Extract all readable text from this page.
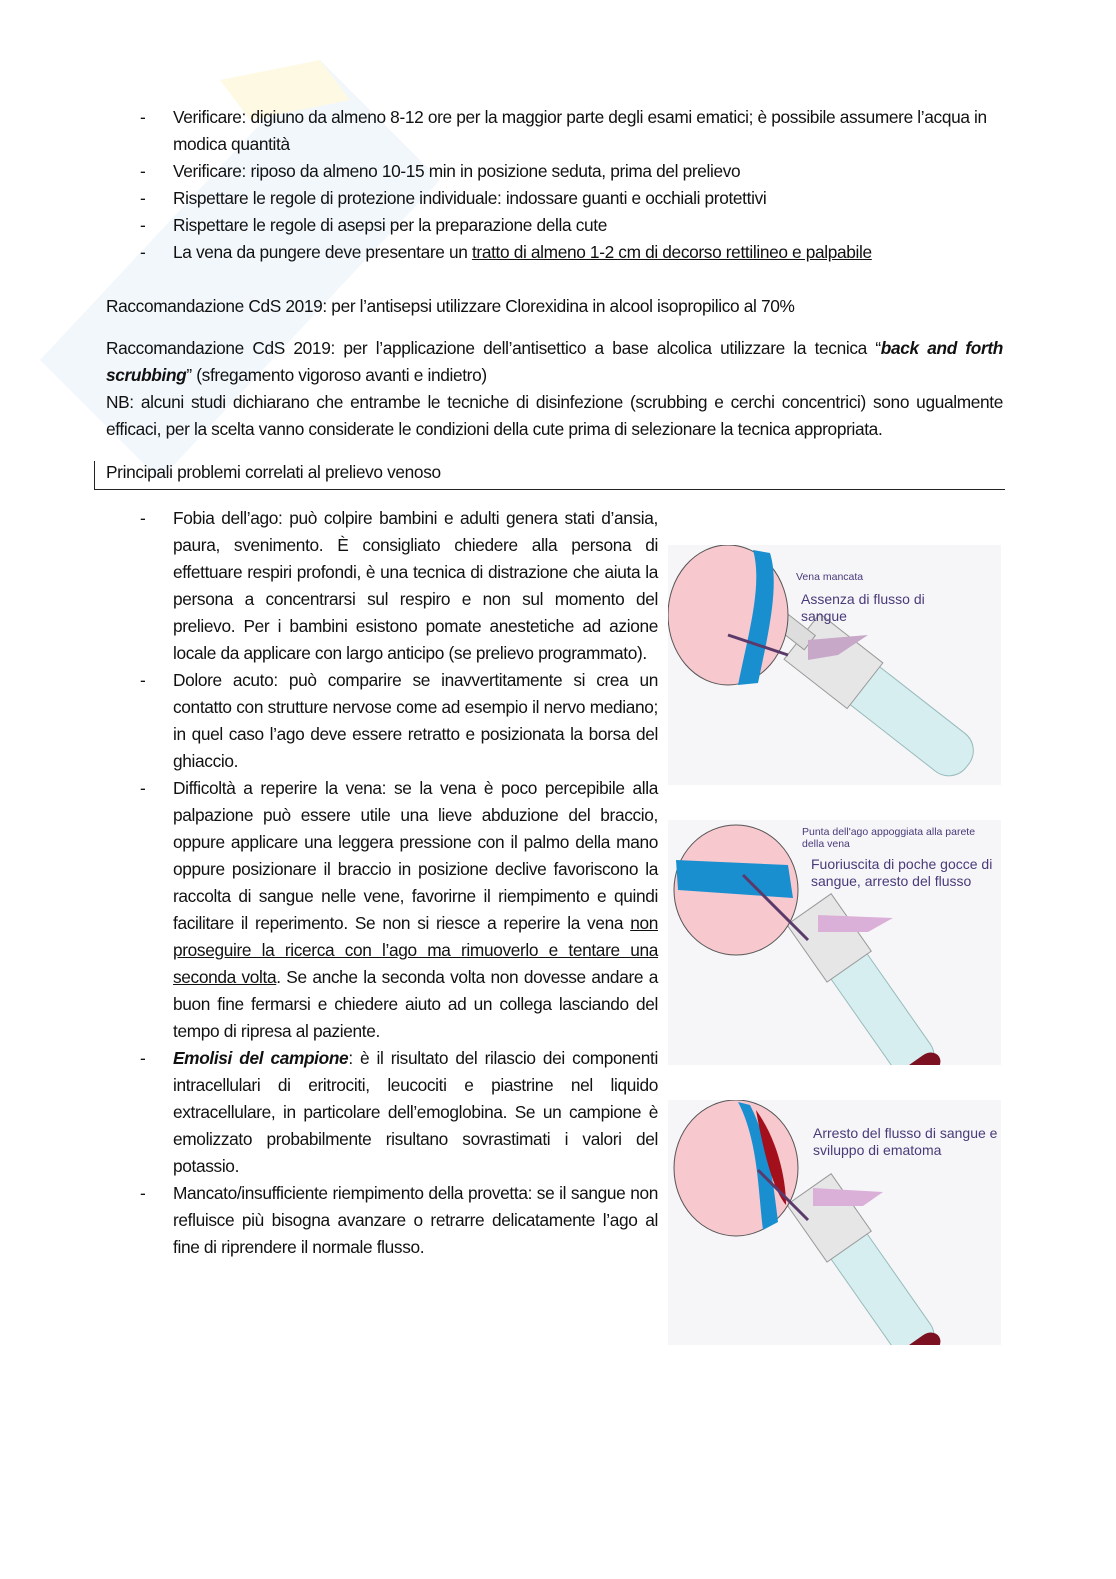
- Verificare: digiuno da almeno 8-12 ore per la maggior parte degli esami ematici; è possibile assumere l’acqua in modica quantità
- Verificare: riposo da almeno 10-15 min in posizione seduta, prima del prelievo
- Rispettare le regole di protezione individuale: indossare guanti e occhiali protettivi
- Rispettare le regole di asepsi per la preparazione della cute
- La vena da pungere deve presentare un tratto di almeno 1-2 cm di decorso rettilineo e palpabile

Raccomandazione CdS 2019: per l’antisepsi utilizzare Clorexidina in alcool isopropilico al 70%

Raccomandazione CdS 2019: per l’applicazione dell’antisettico a base alcolica utilizzare la tecnica “back and forth scrubbing” (sfregamento vigoroso avanti e indietro)

NB: alcuni studi dichiarano che entrambe le tecniche di disinfezione (scrubbing e cerchi concentrici) sono ugualmente efficaci, per la scelta vanno considerate le condizioni della cute prima di selezionare la tecnica appropriata.

Principali problemi correlati al prelievo venoso
- Fobia dell’ago: può colpire bambini e adulti genera stati d’ansia, paura, svenimento. È consigliato chiedere alla persona di effettuare respiri profondi, è una tecnica di distrazione che aiuta la persona a concentrarsi sul respiro e non sul momento del prelievo. Per i bambini esistono pomate anestetiche ad azione locale da applicare con largo anticipo (se prelievo programmato).
- Dolore acuto: può comparire se inavvertitamente si crea un contatto con strutture nervose come ad esempio il nervo mediano; in quel caso l’ago deve essere retratto e posizionata la borsa del ghiaccio.
- Difficoltà a reperire la vena: se la vena è poco percepibile alla palpazione può essere utile una lieve abduzione del braccio, oppure applicare una leggera pressione con il palmo della mano oppure posizionare il braccio in posizione declive favoriscono la raccolta di sangue nelle vene, favorirne il riempimento e quindi facilitare il reperimento. Se non si riesce a reperire la vena non proseguire la ricerca con l’ago ma rimuoverlo e tentare una seconda volta. Se anche la seconda volta non dovesse andare a buon fine fermarsi e chiedere aiuto ad un collega lasciando del tempo di ripresa al paziente.
- Emolisi del campione: è il risultato del rilascio dei componenti intracellulari di eritrociti, leucociti e piastrine nel liquido extracellulare, in particolare dell’emoglobina. Se un campione è emolizzato probabilmente risultano sovrastimati i valori del potassio.
- Mancato/insufficiente riempimento della provetta: se il sangue non refluisce più bisogna avanzare o retrarre delicatamente l’ago al fine di riprendere il normale flusso.
Vena mancata
Assenza di flusso di sangue
Punta dell'ago appoggiata alla parete della vena
Fuoriuscita di poche gocce di sangue, arresto del flusso
Arresto del flusso di sangue e sviluppo di ematoma
